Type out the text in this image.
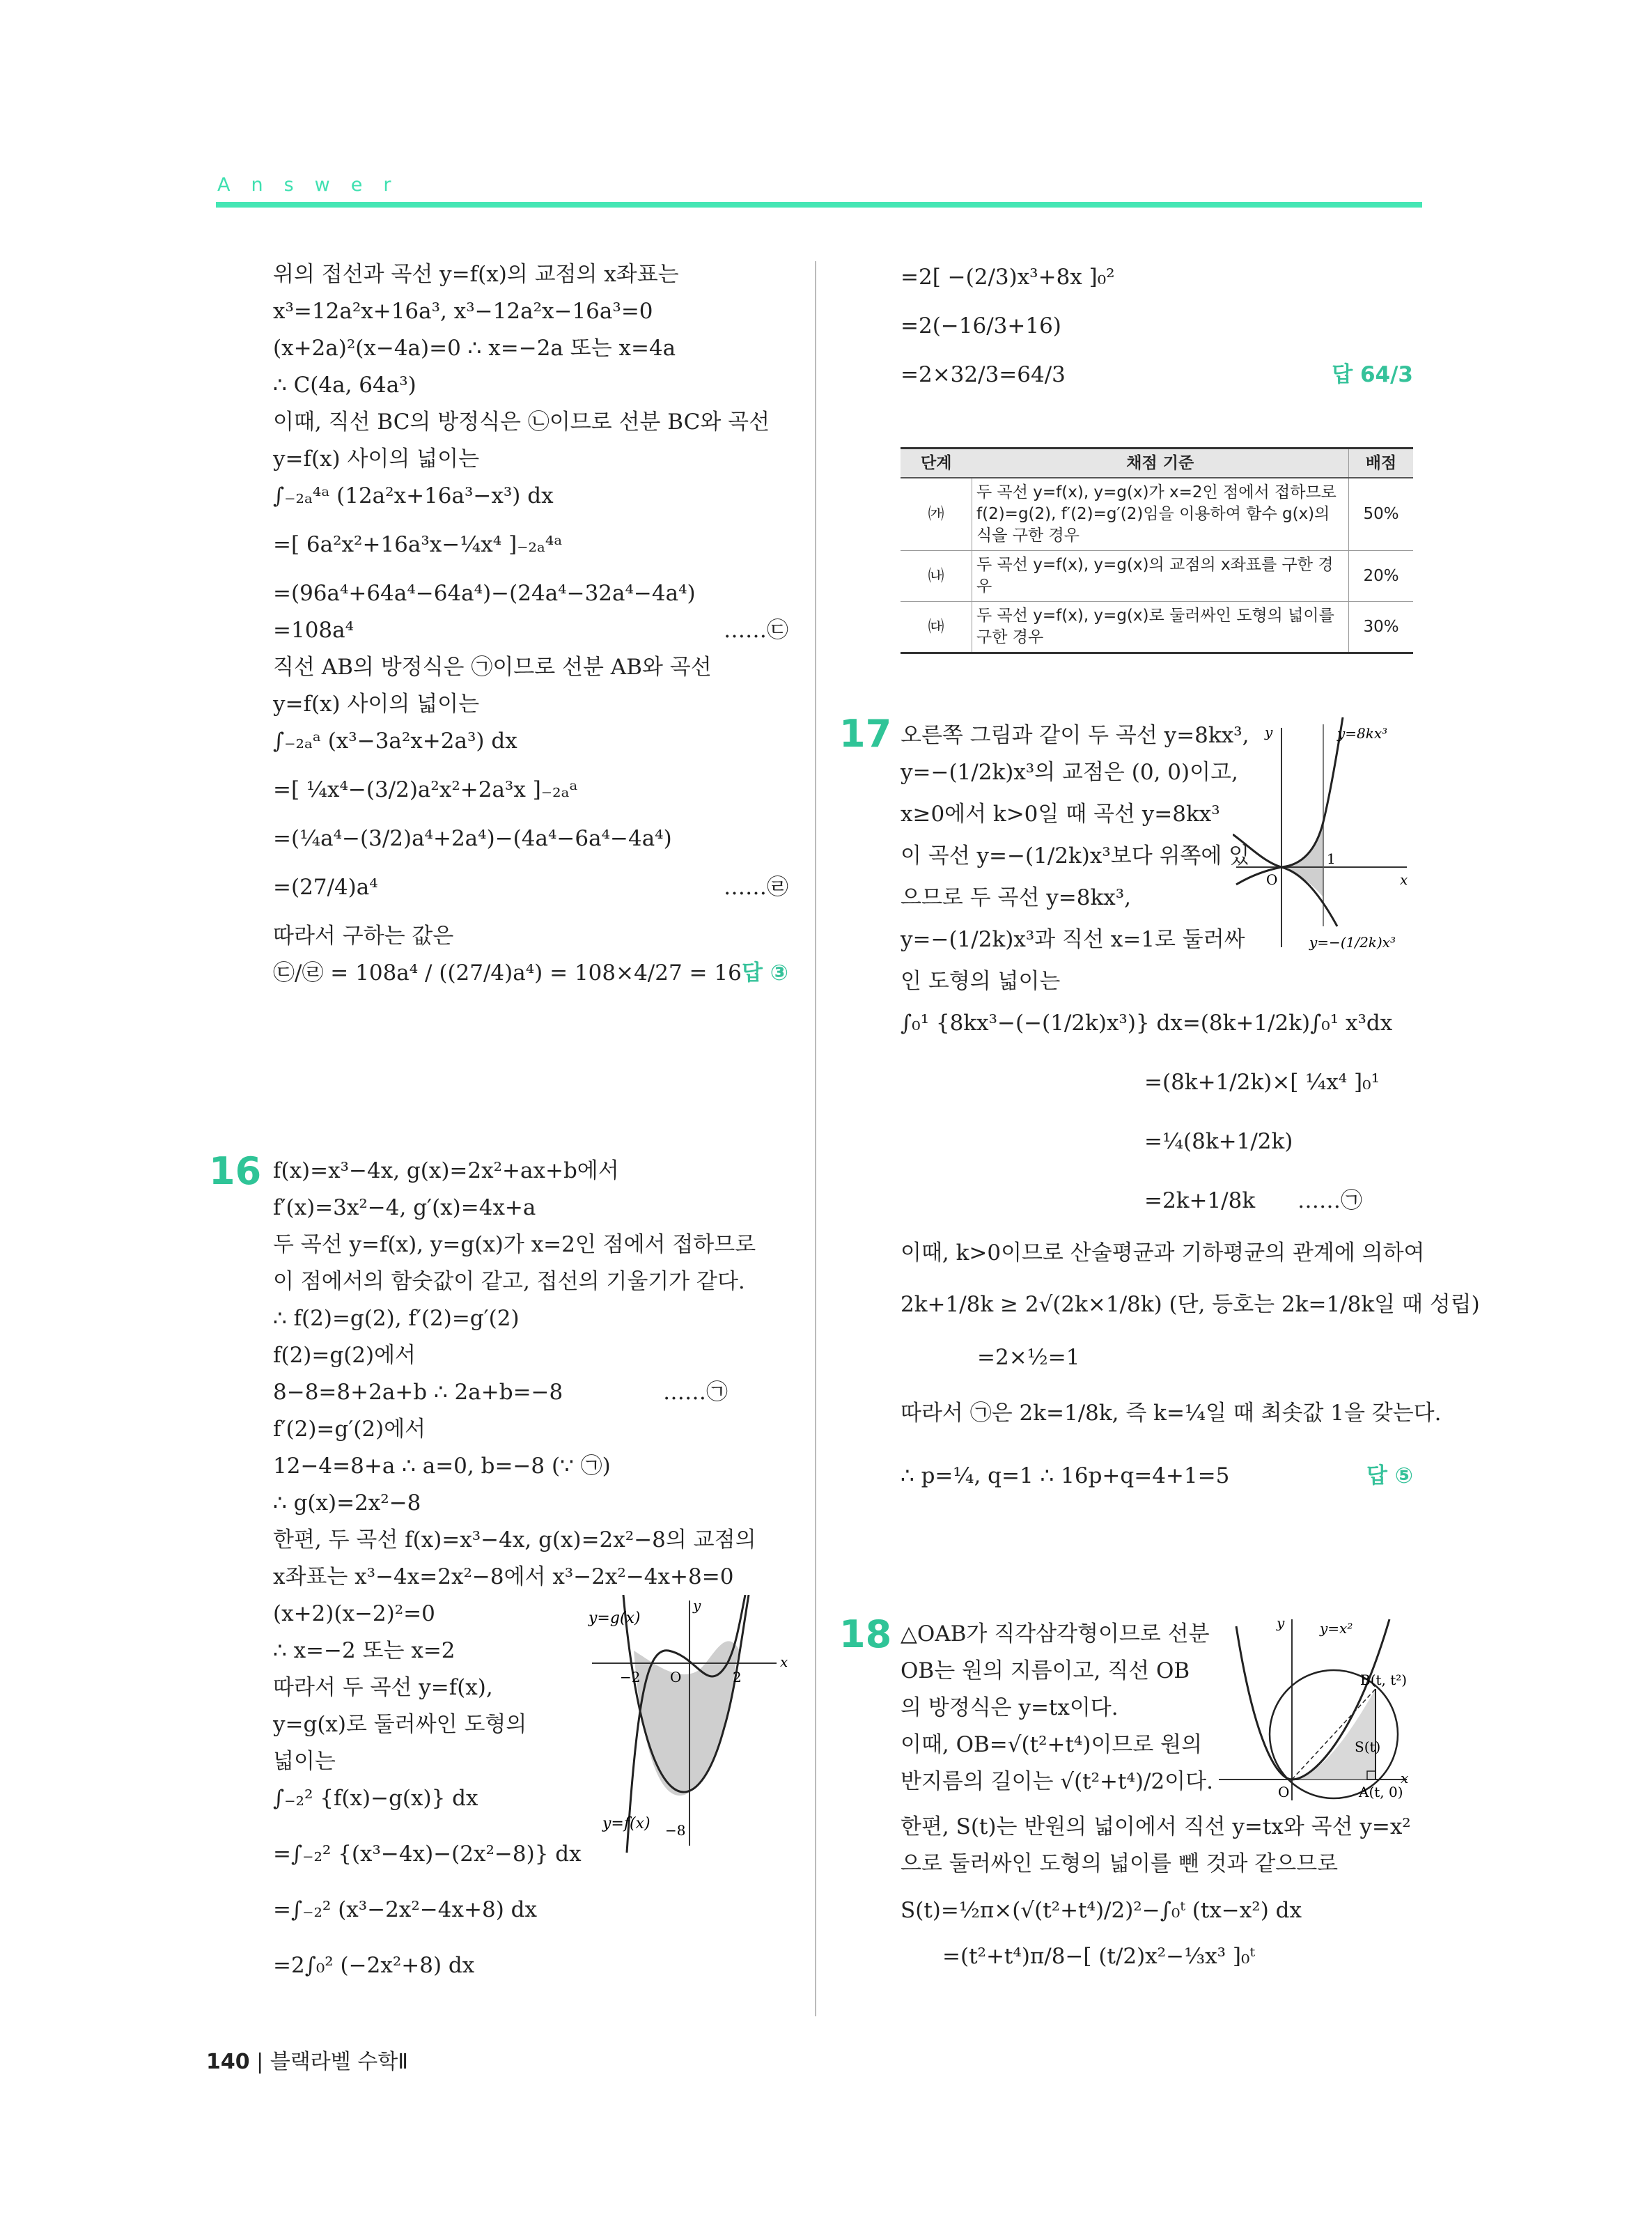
Answer
위의 접선과 곡선 y=f(x)의 교점의 x좌표는
x³=12a²x+16a³, x³−12a²x−16a³=0
(x+2a)²(x−4a)=0 ∴ x=−2a 또는 x=4a
∴ C(4a, 64a³)
이때, 직선 BC의 방정식은 ㉡이므로 선분 BC와 곡선
y=f(x) 사이의 넓이는
∫₋₂ₐ⁴ᵃ (12a²x+16a³−x³) dx
=[ 6a²x²+16a³x−¼x⁴ ]₋₂ₐ⁴ᵃ
=(96a⁴+64a⁴−64a⁴)−(24a⁴−32a⁴−4a⁴)
=108a⁴	……㉢
직선 AB의 방정식은 ㉠이므로 선분 AB와 곡선
y=f(x) 사이의 넓이는
∫₋₂ₐᵃ (x³−3a²x+2a³) dx
=[ ¼x⁴−(3/2)a²x²+2a³x ]₋₂ₐᵃ
=(¼a⁴−(3/2)a⁴+2a⁴)−(4a⁴−6a⁴−4a⁴)
=(27/4)a⁴	……㉣
따라서 구하는 값은
㉢/㉣ = 108a⁴ / ((27/4)a⁴) = 108×4/27 = 16 답 ③
16 f(x)=x³−4x, g(x)=2x²+ax+b에서
f′(x)=3x²−4, g′(x)=4x+a
두 곡선 y=f(x), y=g(x)가 x=2인 점에서 접하므로
이 점에서의 함숫값이 같고, 접선의 기울기가 같다.
∴ f(2)=g(2), f′(2)=g′(2)
f(2)=g(2)에서
8−8=8+2a+b ∴ 2a+b=−8	……㉠
f′(2)=g′(2)에서
12−4=8+a ∴ a=0, b=−8 (∵ ㉠)
∴ g(x)=2x²−8
한편, 두 곡선 f(x)=x³−4x, g(x)=2x²−8의 교점의
x좌표는 x³−4x=2x²−8에서 x³−2x²−4x+8=0
(x+2)(x−2)²=0
∴ x=−2 또는 x=2
따라서 두 곡선 y=f(x),
y=g(x)로 둘러싸인 도형의
넓이는
∫₋₂² {f(x)−g(x)} dx
=∫₋₂² {(x³−4x)−(2x²−8)} dx
=∫₋₂² (x³−2x²−4x+8) dx
=2∫₀² (−2x²+8) dx
y=g(x)
y=f(x)
y
x
−2 O	2
−8
=2[ −(2/3)x³+8x ]₀²
=2(−16/3+16)
=2×32/3=64/3	답 64/3
단계	채점 기준	배점
㈎	두 곡선 y=f(x), y=g(x)가 x=2인 점에서 접하므로 f(2)=g(2), f′(2)=g′(2)임을 이용하여 함수 g(x)의 식을 구한 경우	50%
㈏	두 곡선 y=f(x), y=g(x)의 교점의 x좌표를 구한 경우	20%
㈐	두 곡선 y=f(x), y=g(x)로 둘러싸인 도형의 넓이를 구한 경우	30%
17 오른쪽 그림과 같이 두 곡선 y=8kx³,
y=−(1/2k)x³의 교점은 (0, 0)이고,
x≥0에서 k>0일 때 곡선 y=8kx³
이 곡선 y=−(1/2k)x³보다 위쪽에 있
으므로 두 곡선 y=8kx³,
y=−(1/2k)x³과 직선 x=1로 둘러싸
인 도형의 넓이는
∫₀¹ {8kx³−(−(1/2k)x³)} dx=(8k+1/2k)∫₀¹ x³dx
=(8k+1/2k)×[ ¼x⁴ ]₀¹
=¼(8k+1/2k)
=2k+1/8k ……㉠
이때, k>0이므로 산술평균과 기하평균의 관계에 의하여
2k+1/8k ≥ 2√(2k×1/8k) (단, 등호는 2k=1/8k일 때 성립)
=2×½=1
따라서 ㉠은 2k=1/8k, 즉 k=¼일 때 최솟값 1을 갖는다.
∴ p=¼, q=1 ∴ 16p+q=4+1=5	답 ⑤
y=8kx³
y=−(1/2k)x³
y
x
O
1
18 △OAB가 직각삼각형이므로 선분
OB는 원의 지름이고, 직선 OB
의 방정식은 y=tx이다.
이때, OB=√(t²+t⁴)이므로 원의
반지름의 길이는 √(t²+t⁴)/2이다.
한편, S(t)는 반원의 넓이에서 직선 y=tx와 곡선 y=x²
으로 둘러싸인 도형의 넓이를 뺀 것과 같으므로
S(t)=½π×(√(t²+t⁴)/2)²−∫₀ᵗ (tx−x²) dx
=(t²+t⁴)π/8−[ (t/2)x²−⅓x³ ]₀ᵗ
y=x²
y
x
O
B(t, t²)
S(t)
A(t, 0)
140 | 블랙라벨 수학Ⅱ
